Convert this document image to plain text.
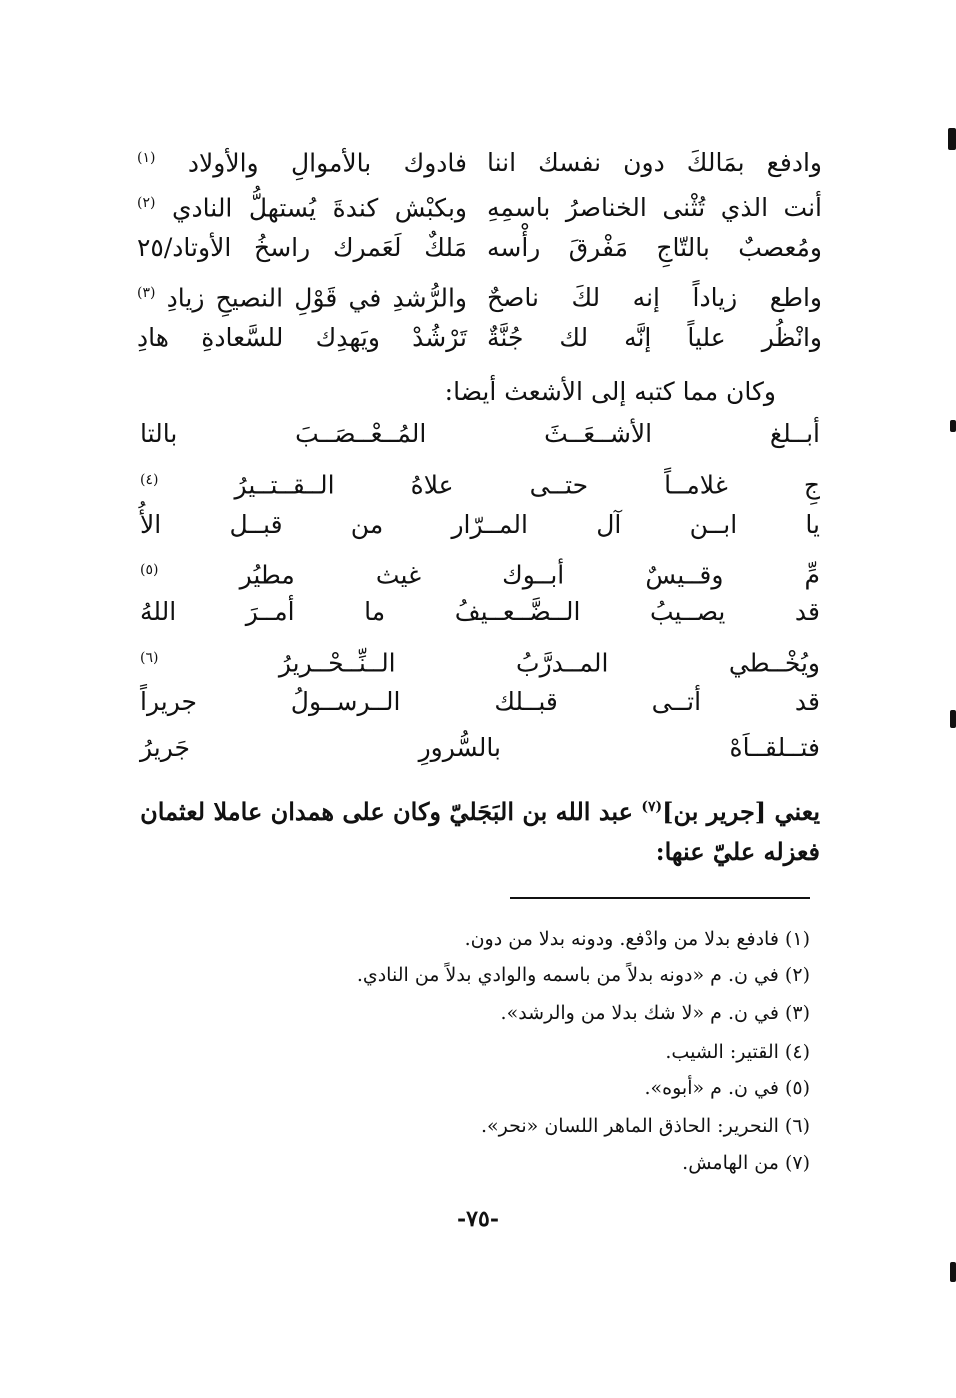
وادفع بمَالكَ دون نفسك اننا
فادوك بالأموالِ والأولاد $^{(١)}$
أنت الذي تُثْنى الخناصرُ باسمِهِ
وبكبْش كندةَ يُستهلُّ النادي $^{(٢)}$
ومُعصبٌ بالتّاجِ مَفْرقَ رأْسه
مَلكٌ لَعَمرك راسخُ الأوتاد/٢٥
واطع زياداً إنه لكَ ناصحٌ
والرُّشدِ في قَوْلِ النصيحِ زيادِ $^{(٣)}$
وانْظُر علياً إنَّه لك جُنَّةٌ
تَرْشُدْ ويَهدِك للسَّعادةِ هادِ
وكان مما كتبه إلى الأشعث أيضا:
أبــلغ الأشــعَــثَ المُــعْــصَــبَ بالتا
جِ غلامــاً حتــى علاهُ الــقــتــيرُ $^{(٤)}$
يا ابــن آل المــرّار من قبــل الأُ
مِّ وقــيسٌ أبــوك غيث مطيُر $^{(٥)}$
قد يصــيبُ الــضَّــعــيفُ ما أمــرَ اللهُ
ويُخْــطي المــدرَّبُ الــنِّــحْــريرُ $^{(٦)}$
قد أتــى قبــلك الــرســولُ جريراً
فتــلقــاَهْ بالسُّرورِ جَريرُ
يعني [جرير بن]$^{(٧)}$ عبد الله بن البَجَليّ وكان على همدان عاملا لعثمان
فعزله عليّ عنها:
(١) فادفع بدلا من وادْفع. ودونه بدلا من دون.
(٢) في ن. م «دونه بدلاً من باسمه والوادي بدلاً من النادي.
(٣) في ن. م «لا شك بدلا من والرشد».
(٤) القتير: الشيب.
(٥) في ن. م «أبوه».
(٦) النحرير: الحاذق الماهر اللسان «نحر».
(٧) من الهامش.
-٧٥-
